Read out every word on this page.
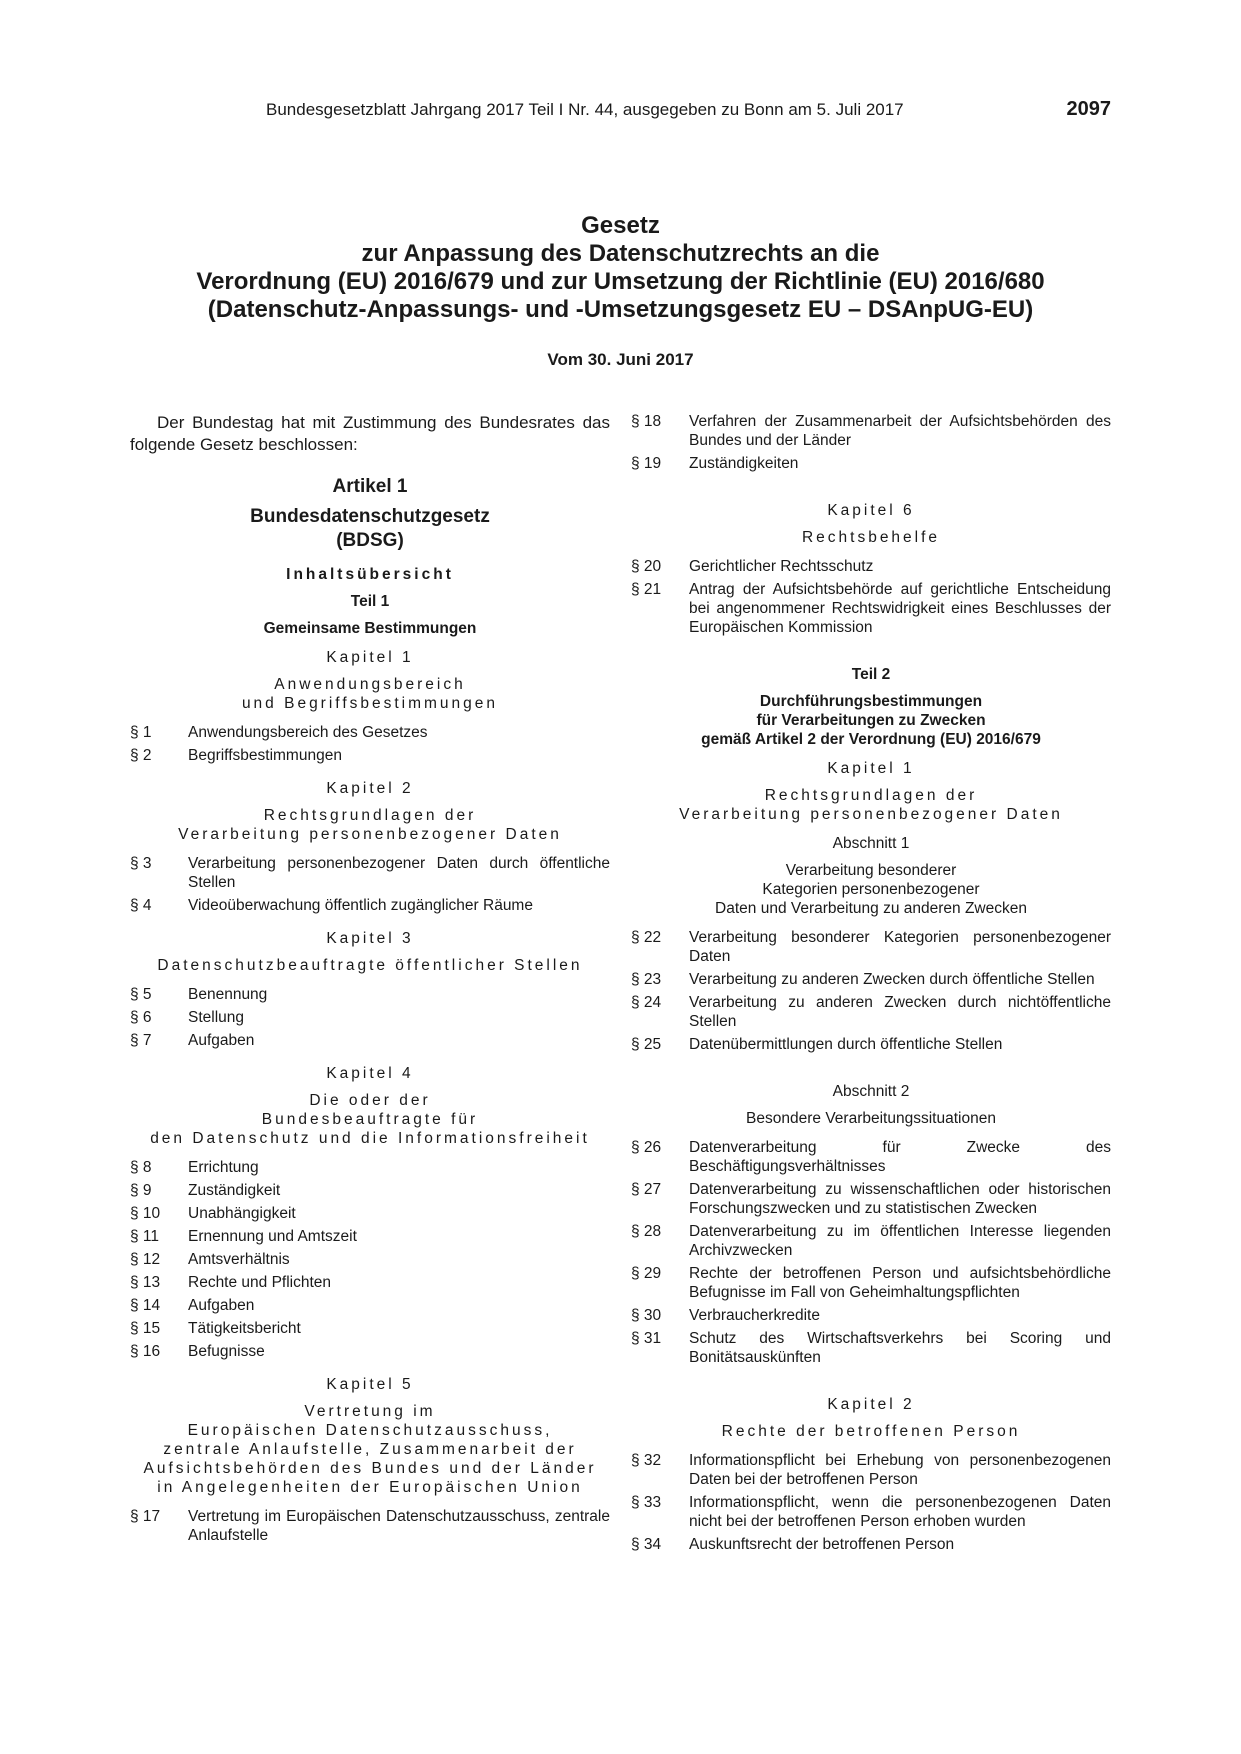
Bundesgesetzblatt Jahrgang 2017 Teil I Nr. 44, ausgegeben zu Bonn am 5. Juli 2017	2097
Gesetz
zur Anpassung des Datenschutzrechts an die
Verordnung (EU) 2016/679 und zur Umsetzung der Richtlinie (EU) 2016/680
(Datenschutz-Anpassungs- und -Umsetzungsgesetz EU – DSAnpUG-EU)
Vom 30. Juni 2017

Der Bundestag hat mit Zustimmung des Bundesrates das folgende Gesetz beschlossen:

Artikel 1
Bundesdatenschutzgesetz
(BDSG)
Inhaltsübersicht
Teil 1
Gemeinsame Bestimmungen
Kapitel 1
Anwendungsbereich
und Begriffsbestimmungen
§ 1	Anwendungsbereich des Gesetzes
§ 2	Begriffsbestimmungen
Kapitel 2
Rechtsgrundlagen der
Verarbeitung personenbezogener Daten
§ 3	Verarbeitung personenbezogener Daten durch öffentliche Stellen
§ 4	Videoüberwachung öffentlich zugänglicher Räume
Kapitel 3
Datenschutzbeauftragte öffentlicher Stellen
§ 5	Benennung
§ 6	Stellung
§ 7	Aufgaben
Kapitel 4
Die oder der
Bundesbeauftragte für
den Datenschutz und die Informationsfreiheit
§ 8	Errichtung
§ 9	Zuständigkeit
§ 10	Unabhängigkeit
§ 11	Ernennung und Amtszeit
§ 12	Amtsverhältnis
§ 13	Rechte und Pflichten
§ 14	Aufgaben
§ 15	Tätigkeitsbericht
§ 16	Befugnisse
Kapitel 5
Vertretung im
Europäischen Datenschutzausschuss,
zentrale Anlaufstelle, Zusammenarbeit der
Aufsichtsbehörden des Bundes und der Länder
in Angelegenheiten der Europäischen Union
§ 17	Vertretung im Europäischen Datenschutzausschuss, zentrale Anlaufstelle
§ 18	Verfahren der Zusammenarbeit der Aufsichtsbehörden des Bundes und der Länder
§ 19	Zuständigkeiten
Kapitel 6
Rechtsbehelfe
§ 20	Gerichtlicher Rechtsschutz
§ 21	Antrag der Aufsichtsbehörde auf gerichtliche Entscheidung bei angenommener Rechtswidrigkeit eines Beschlusses der Europäischen Kommission
Teil 2
Durchführungsbestimmungen
für Verarbeitungen zu Zwecken
gemäß Artikel 2 der Verordnung (EU) 2016/679
Kapitel 1
Rechtsgrundlagen der
Verarbeitung personenbezogener Daten
Abschnitt 1
Verarbeitung besonderer
Kategorien personenbezogener
Daten und Verarbeitung zu anderen Zwecken
§ 22	Verarbeitung besonderer Kategorien personenbezogener Daten
§ 23	Verarbeitung zu anderen Zwecken durch öffentliche Stellen
§ 24	Verarbeitung zu anderen Zwecken durch nichtöffentliche Stellen
§ 25	Datenübermittlungen durch öffentliche Stellen
Abschnitt 2
Besondere Verarbeitungssituationen
§ 26	Datenverarbeitung für Zwecke des Beschäftigungsverhältnisses
§ 27	Datenverarbeitung zu wissenschaftlichen oder historischen Forschungszwecken und zu statistischen Zwecken
§ 28	Datenverarbeitung zu im öffentlichen Interesse liegenden Archivzwecken
§ 29	Rechte der betroffenen Person und aufsichtsbehördliche Befugnisse im Fall von Geheimhaltungspflichten
§ 30	Verbraucherkredite
§ 31	Schutz des Wirtschaftsverkehrs bei Scoring und Bonitätsauskünften
Kapitel 2
Rechte der betroffenen Person
§ 32	Informationspflicht bei Erhebung von personenbezogenen Daten bei der betroffenen Person
§ 33	Informationspflicht, wenn die personenbezogenen Daten nicht bei der betroffenen Person erhoben wurden
§ 34	Auskunftsrecht der betroffenen Person
